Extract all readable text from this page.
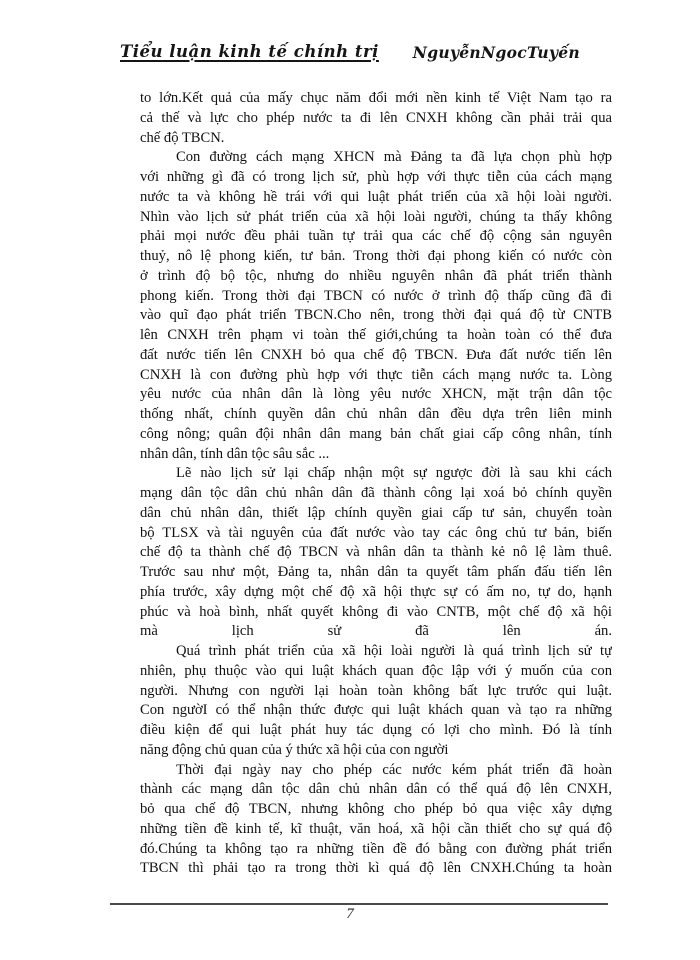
Tiểu luận kinh tế chính trị NguyễnNgocTuyến
to lớn.Kết quả của mấy chục năm đổi mới nền kinh tế Việt Nam tạo ra
cả thế và lực cho phép nước ta đi lên CNXH không cần phải trải qua
chế độ TBCN.
Con đường cách mạng XHCN mà Đảng ta đã lựa chọn phù hợp
với những gì đã có trong lịch sử, phù hợp với thực tiễn của cách mạng
nước ta và không hề trái với qui luật phát triển của xã hội loài người.
Nhìn vào lịch sử phát triển của xã hội loài người, chúng ta thấy không
phải mọi nước đều phải tuần tự trải qua các chế độ cộng sản nguyên
thuỷ, nô lệ phong kiến, tư bản. Trong thời đại phong kiến có nước còn
ở trình độ bộ tộc, nhưng do nhiều nguyên nhân đã phát triển thành
phong kiến. Trong thời đại TBCN có nước ở trình độ thấp cũng đã đi
vào quĩ đạo phát triển TBCN.Cho nên, trong thời đại quá độ từ CNTB
lên CNXH trên phạm vi toàn thế giới,chúng ta hoàn toàn có thể đưa
đất nước tiến lên CNXH bỏ qua chế độ TBCN. Đưa đất nước tiến lên
CNXH là con đường phù hợp với thực tiễn cách mạng nước ta. Lòng
yêu nước của nhân dân là lòng yêu nước XHCN, mặt trận dân tộc
thống nhất, chính quyền dân chủ nhân dân đều dựa trên liên minh
công nông; quân đội nhân dân mang bản chất giai cấp công nhân, tính
nhân dân, tính dân tộc sâu sắc ...
Lẽ nào lịch sử lại chấp nhận một sự ngược đời là sau khi cách
mạng dân tộc dân chủ nhân dân đã thành công lại xoá bỏ chính quyền
dân chủ nhân dân, thiết lập chính quyền giai cấp tư sản, chuyển toàn
bộ TLSX và tài nguyên của đất nước vào tay các ông chủ tư bản, biến
chế độ ta thành chế độ TBCN và nhân dân ta thành kẻ nô lệ làm thuê.
Trước sau như một, Đảng ta, nhân dân ta quyết tâm phấn đấu tiến lên
phía trước, xây dựng một chế độ xã hội thực sự có ấm no, tự do, hạnh
phúc và hoà bình, nhất quyết không đi vào CNTB, một chế độ xã hội
mà lịch sử đã lên án.
Quá trình phát triển của xã hội loài người là quá trình lịch sử tự
nhiên, phụ thuộc vào qui luật khách quan độc lập với ý muốn của con
người. Nhưng con người lại hoàn toàn không bất lực trước qui luật.
Con ngườI có thể nhận thức được qui luật khách quan và tạo ra những
điều kiện để qui luật phát huy tác dụng có lợi cho mình. Đó là tính
năng động chủ quan của ý thức xã hội của con người
Thời đại ngày nay cho phép các nước kém phát triển đã hoàn
thành các mạng dân tộc dân chủ nhân dân có thể quá độ lên CNXH,
bỏ qua chế độ TBCN, nhưng không cho phép bỏ qua việc xây dựng
những tiền đề kinh tế, kĩ thuật, văn hoá, xã hội cần thiết cho sự quá độ
đó.Chúng ta không tạo ra những tiền đề đó bằng con đường phát triển
TBCN thì phải tạo ra trong thời kì quá độ lên CNXH.Chúng ta hoàn
7
